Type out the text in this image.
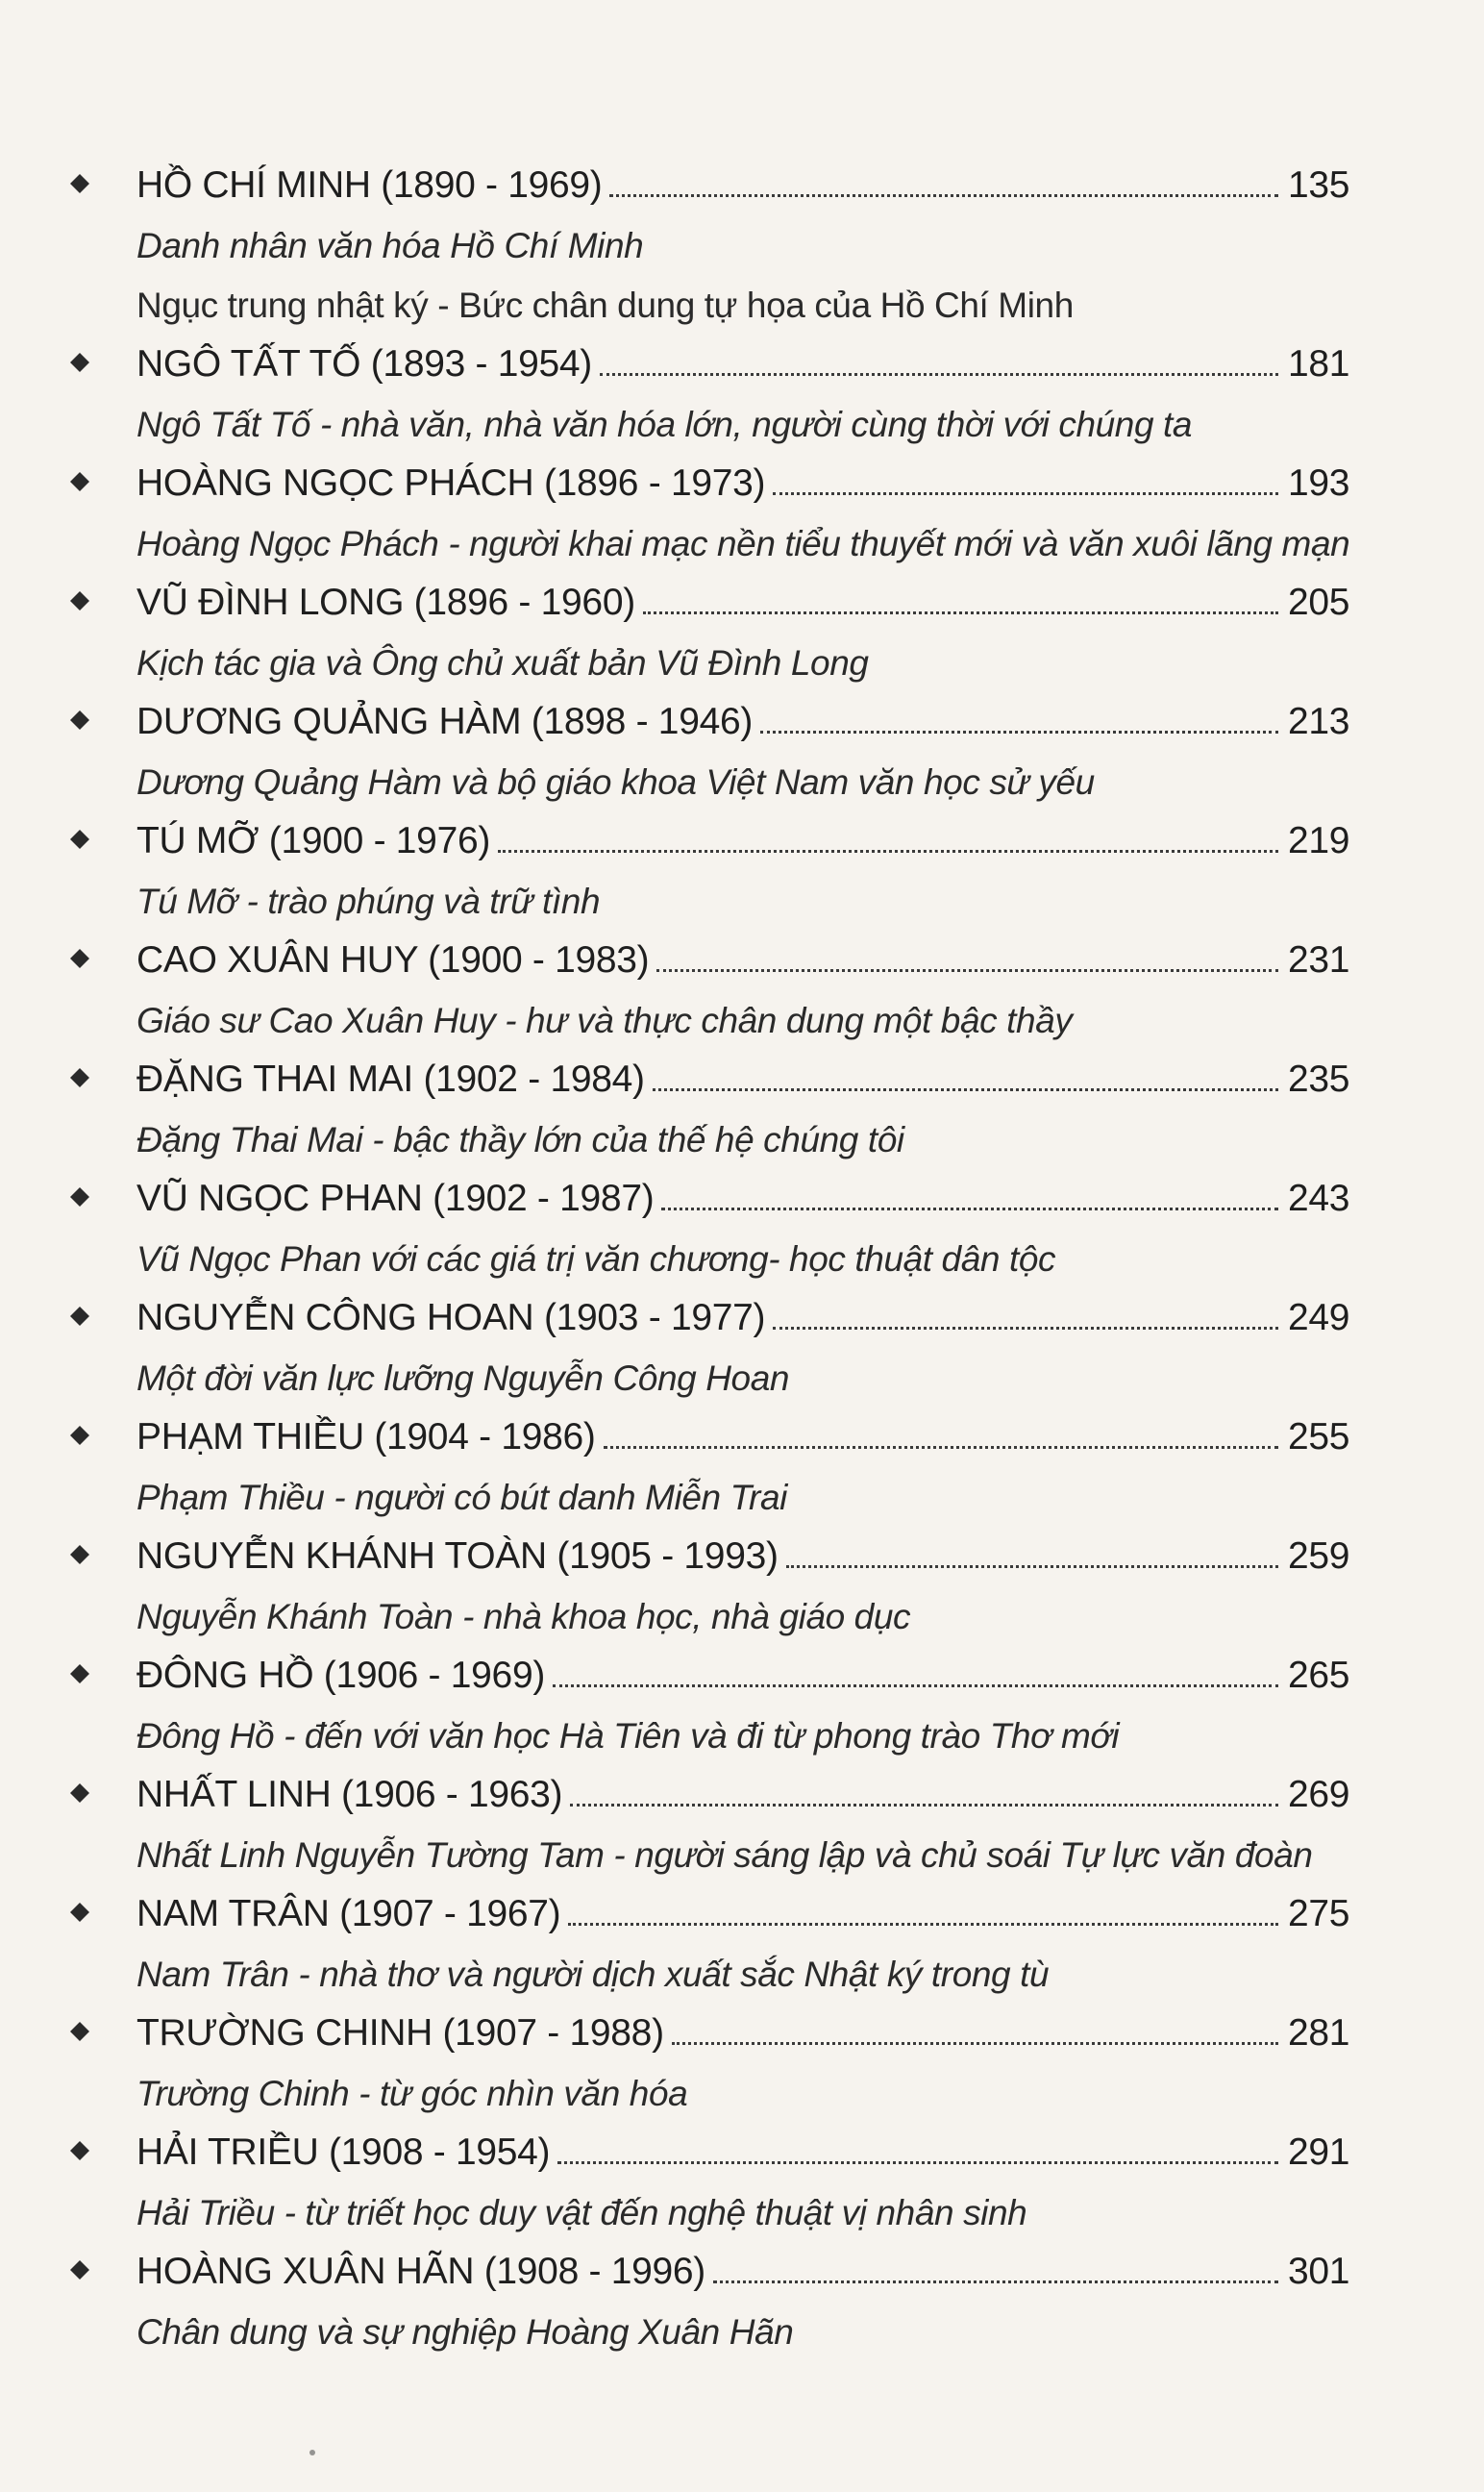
HỒ CHÍ MINH (1890 - 1969)	135
Danh nhân văn hóa Hồ Chí Minh
Ngục trung nhật ký - Bức chân dung tự họa của Hồ Chí Minh
NGÔ TẤT TỐ (1893 - 1954)	181
Ngô Tất Tố - nhà văn, nhà văn hóa lớn, người cùng thời với chúng ta
HOÀNG NGỌC PHÁCH (1896 - 1973)	193
Hoàng Ngọc Phách - người khai mạc nền tiểu thuyết mới và văn xuôi lãng mạn
VŨ ĐÌNH LONG (1896 - 1960)	205
Kịch tác gia và Ông chủ xuất bản Vũ Đình Long
DƯƠNG QUẢNG HÀM (1898 - 1946)	213
Dương Quảng Hàm và bộ giáo khoa Việt Nam văn học sử yếu
TÚ MỠ (1900 - 1976)	219
Tú Mỡ - trào phúng và trữ tình
CAO XUÂN HUY (1900 - 1983)	231
Giáo sư Cao Xuân Huy - hư và thực chân dung một bậc thầy
ĐẶNG THAI MAI (1902 - 1984)	235
Đặng Thai Mai - bậc thầy lớn của thế hệ chúng tôi
VŨ NGỌC PHAN (1902 - 1987)	243
Vũ Ngọc Phan với các giá trị văn chương- học thuật dân tộc
NGUYỄN CÔNG HOAN (1903 - 1977)	249
Một đời văn lực lưỡng Nguyễn Công Hoan
PHẠM THIỀU (1904 - 1986)	255
Phạm Thiều - người có bút danh Miễn Trai
NGUYỄN KHÁNH TOÀN (1905 - 1993)	259
Nguyễn Khánh Toàn - nhà khoa học, nhà giáo dục
ĐÔNG HỒ (1906 - 1969)	265
Đông Hồ - đến với văn học Hà Tiên và đi từ phong trào Thơ mới
NHẤT LINH (1906 - 1963)	269
Nhất Linh Nguyễn Tường Tam - người sáng lập và chủ soái Tự lực văn đoàn
NAM TRÂN (1907 - 1967)	275
Nam Trân - nhà thơ và người dịch xuất sắc Nhật ký trong tù
TRƯỜNG CHINH (1907 - 1988)	281
Trường Chinh - từ góc nhìn văn hóa
HẢI TRIỀU (1908 - 1954)	291
Hải Triều - từ triết học duy vật đến nghệ thuật vị nhân sinh
HOÀNG XUÂN HÃN (1908 - 1996)	301
Chân dung và sự nghiệp Hoàng Xuân Hãn
